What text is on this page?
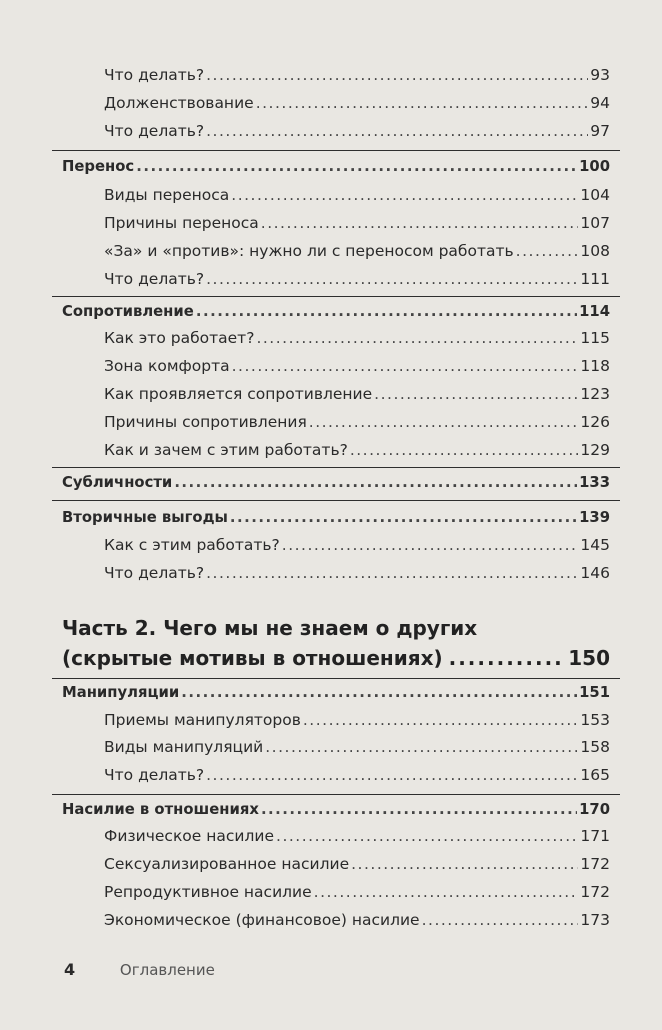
Что делать? .....	93
Долженствование .....	94
Что делать? .....	97
Перенос .....	100
Виды переноса .....	104
Причины переноса .....	107
«За» и «против»: нужно ли с переносом работать .....	108
Что делать? .....	111
Сопротивление .....	114
Как это работает? .....	115
Зона комфорта .....	118
Как проявляется сопротивление .....	123
Причины сопротивления .....	126
Как и зачем с этим работать? .....	129
Субличности .....	133
Вторичные выгоды .....	139
Как с этим работать? .....	145
Что делать? .....	146
Часть 2. Чего мы не знаем о других
(скрытые мотивы в отношениях) .....	150
Манипуляции .....	151
Приемы манипуляторов .....	153
Виды манипуляций .....	158
Что делать? .....	165
Насилие в отношениях .....	170
Физическое насилие .....	171
Сексуализированное насилие .....	172
Репродуктивное насилие .....	172
Экономическое (финансовое) насилие .....	173
4	Оглавление
